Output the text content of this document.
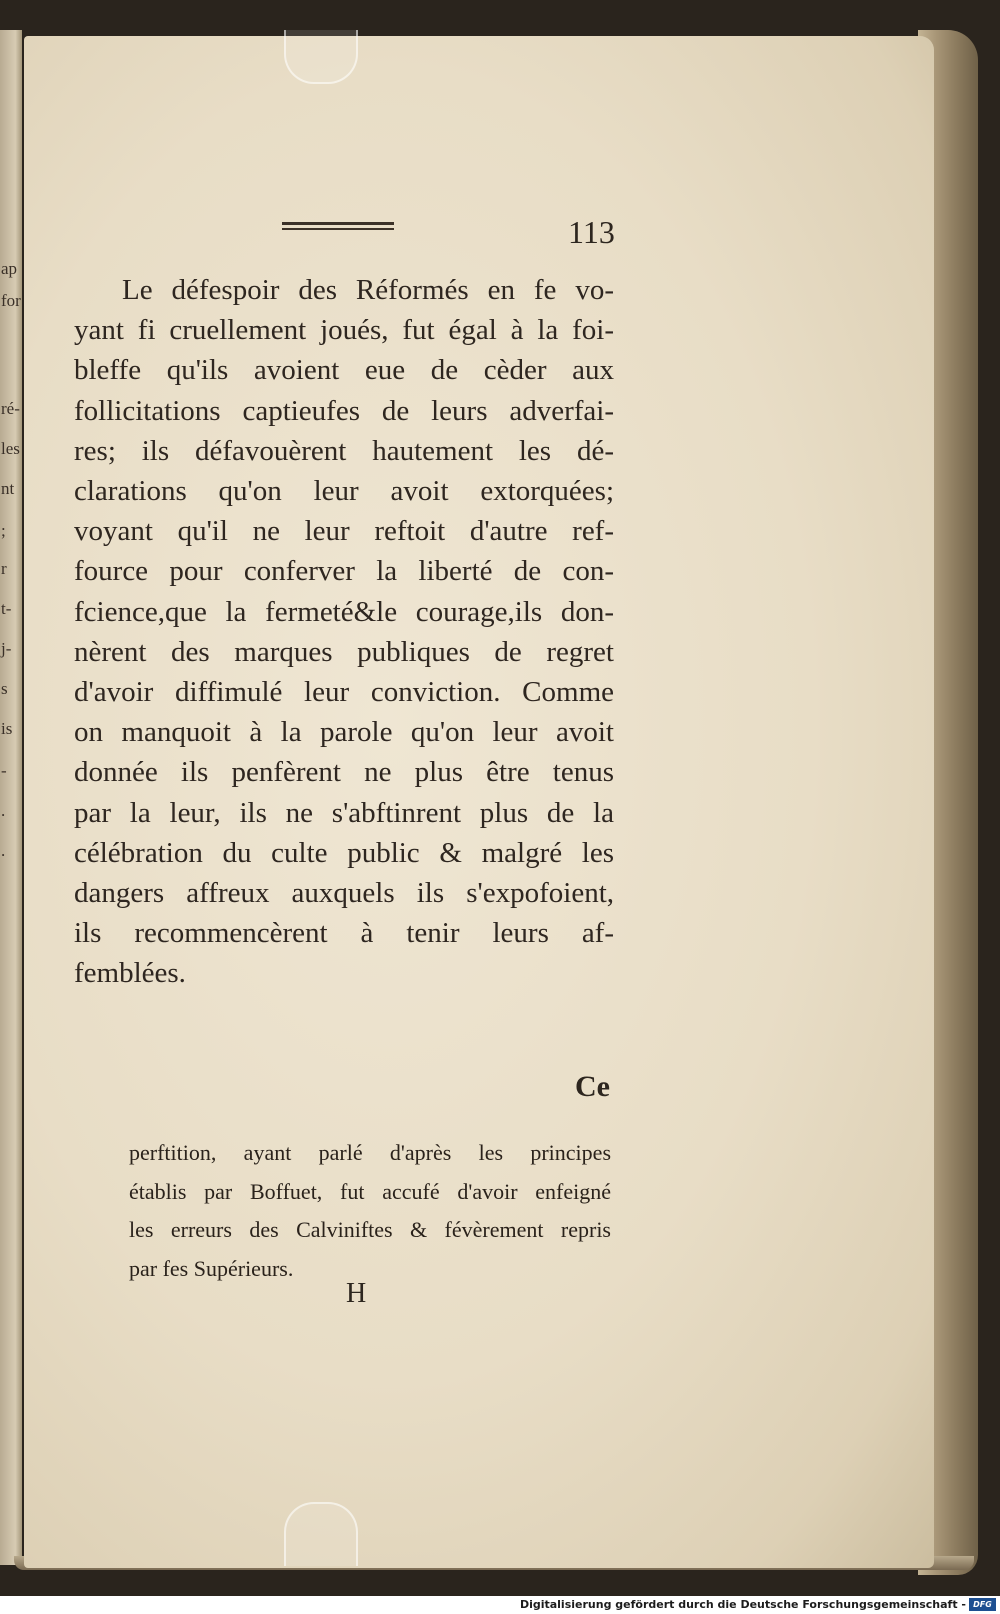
ap
for
ré-
les
nt
;
r
t-
j-
s
is
-
.
.
113
Le défespoir des Réformés en fe vo-
yant fi cruellement joués, fut égal à la foi-
bleffe qu'ils avoient eue de cèder aux
follicitations captieufes de leurs adverfai-
res; ils défavouèrent hautement les dé-
clarations qu'on leur avoit extorquées;
voyant qu'il ne leur reftoit d'autre ref-
fource pour conferver la liberté de con-
fcience,que la fermeté&le courage,ils don-
nèrent des marques publiques de regret
d'avoir diffimulé leur conviction. Comme
on manquoit à la parole qu'on leur avoit
donnée ils penfèrent ne plus être tenus
par la leur, ils ne s'abftinrent plus de la
célébration du culte public & malgré les
dangers affreux auxquels ils s'expofoient,
ils recommencèrent à tenir leurs af-
femblées.
Ce
perftition, ayant parlé d'après les principes
établis par Boffuet, fut accufé d'avoir enfeigné
les erreurs des Calviniftes & févèrement repris
par fes Supérieurs.
H
Digitalisierung gefördert durch die Deutsche Forschungsgemeinschaft - DFG
